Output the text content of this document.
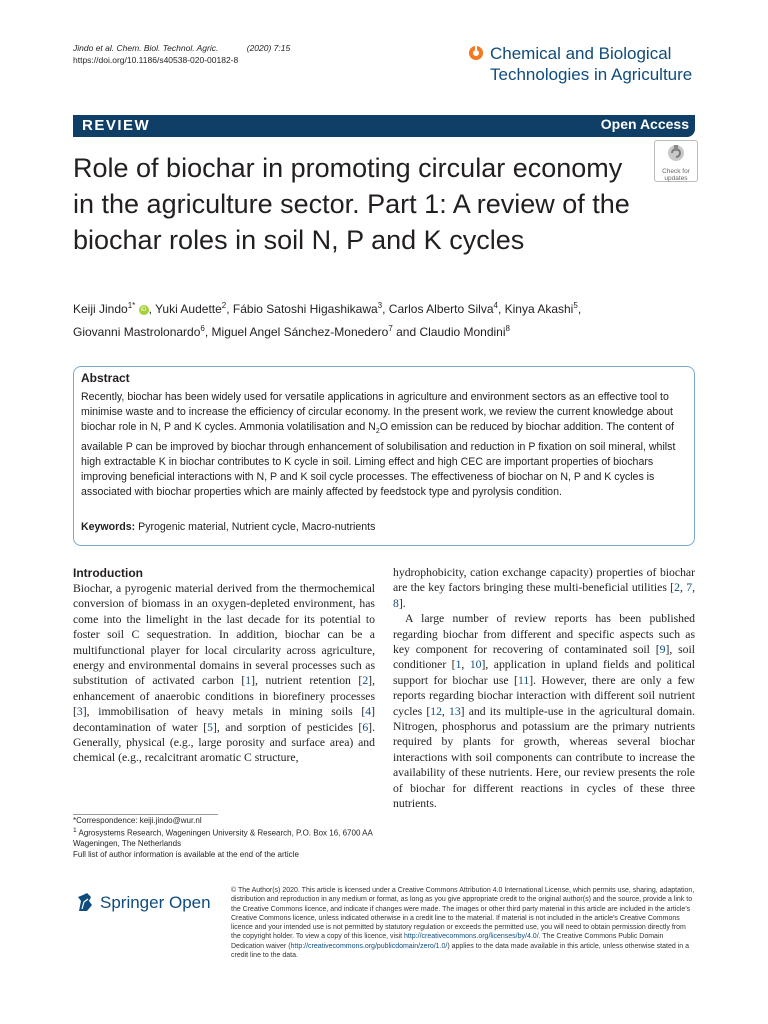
Jindo et al. Chem. Biol. Technol. Agric.	(2020) 7:15
https://doi.org/10.1186/s40538-020-00182-8	Chemical and Biological
Technologies in Agriculture
REVIEW	Open Access
Role of biochar in promoting circular economy in the agriculture sector. Part 1: A review of the biochar roles in soil N, P and K cycles
Check for
updates
Keiji Jindo$^{1*}$ iD , Yuki Audette$^2$, Fábio Satoshi Higashikawa$^3$, Carlos Alberto Silva$^4$, Kinya Akashi$^5$,
Giovanni Mastrolonardo$^6$, Miguel Angel Sánchez-Monedero$^7$ and Claudio Mondini$^8$
Abstract
Recently, biochar has been widely used for versatile applications in agriculture and environment sectors as an effective tool to minimise waste and to increase the efficiency of circular economy. In the present work, we review the current knowledge about biochar role in N, P and K cycles. Ammonia volatilisation and $N_2O$ emission can be reduced by biochar addition. The content of available P can be improved by biochar through enhancement of solubilisation and reduction in P fixation on soil mineral, whilst high extractable K in biochar contributes to K cycle in soil. Liming effect and high CEC are important properties of biochars improving beneficial interactions with N, P and K soil cycle processes. The effectiveness of biochar on N, P and K cycles is associated with biochar properties which are mainly affected by feedstock type and pyrolysis condition.
Keywords: Pyrogenic material, Nutrient cycle, Macro-nutrients
Introduction
Biochar, a pyrogenic material derived from the thermochemical conversion of biomass in an oxygen-depleted environment, has come into the limelight in the last decade for its potential to foster soil C sequestration. In addition, biochar can be a multifunctional player for local circularity across agriculture, energy and environmental domains in several processes such as substitution of activated carbon [1], nutrient retention [2], enhancement of anaerobic conditions in biorefinery processes [3], immobilisation of heavy metals in mining soils [4] decontamination of water [5], and sorption of pesticides [6]. Generally, physical (e.g., large porosity and surface area) and chemical (e.g., recalcitrant aromatic C structure,

hydrophobicity, cation exchange capacity) properties of biochar are the key factors bringing these multi-beneficial utilities [2, 7, 8].

A large number of review reports has been published regarding biochar from different and specific aspects such as key component for recovering of contaminated soil [9], soil conditioner [1, 10], application in upland fields and political support for biochar use [11]. However, there are only a few reports regarding biochar interaction with different soil nutrient cycles [12, 13] and its multiple-use in the agricultural domain. Nitrogen, phosphorus and potassium are the primary nutrients required by plants for growth, whereas several biochar interactions with soil components can contribute to increase the availability of these nutrients. Here, our review presents the role of biochar for different reactions in cycles of these three nutrients.

*Correspondence: keiji.jindo@wur.nl
$^1$ Agrosystems Research, Wageningen University & Research, P.O. Box 16, 6700 AA Wageningen, The Netherlands
Full list of author information is available at the end of the article
Springer Open
© The Author(s) 2020. This article is licensed under a Creative Commons Attribution 4.0 International License, which permits use, sharing, adaptation, distribution and reproduction in any medium or format, as long as you give appropriate credit to the original author(s) and the source, provide a link to the Creative Commons licence, and indicate if changes were made. The images or other third party material in this article are included in the article's Creative Commons licence, unless indicated otherwise in a credit line to the material. If material is not included in the article's Creative Commons licence and your intended use is not permitted by statutory regulation or exceeds the permitted use, you will need to obtain permission directly from the copyright holder. To view a copy of this licence, visit http://creativecommons.org/licenses/by/4.0/. The Creative Commons Public Domain Dedication waiver (http://creativecommons.org/publicdomain/zero/1.0/) applies to the data made available in this article, unless otherwise stated in a credit line to the data.
